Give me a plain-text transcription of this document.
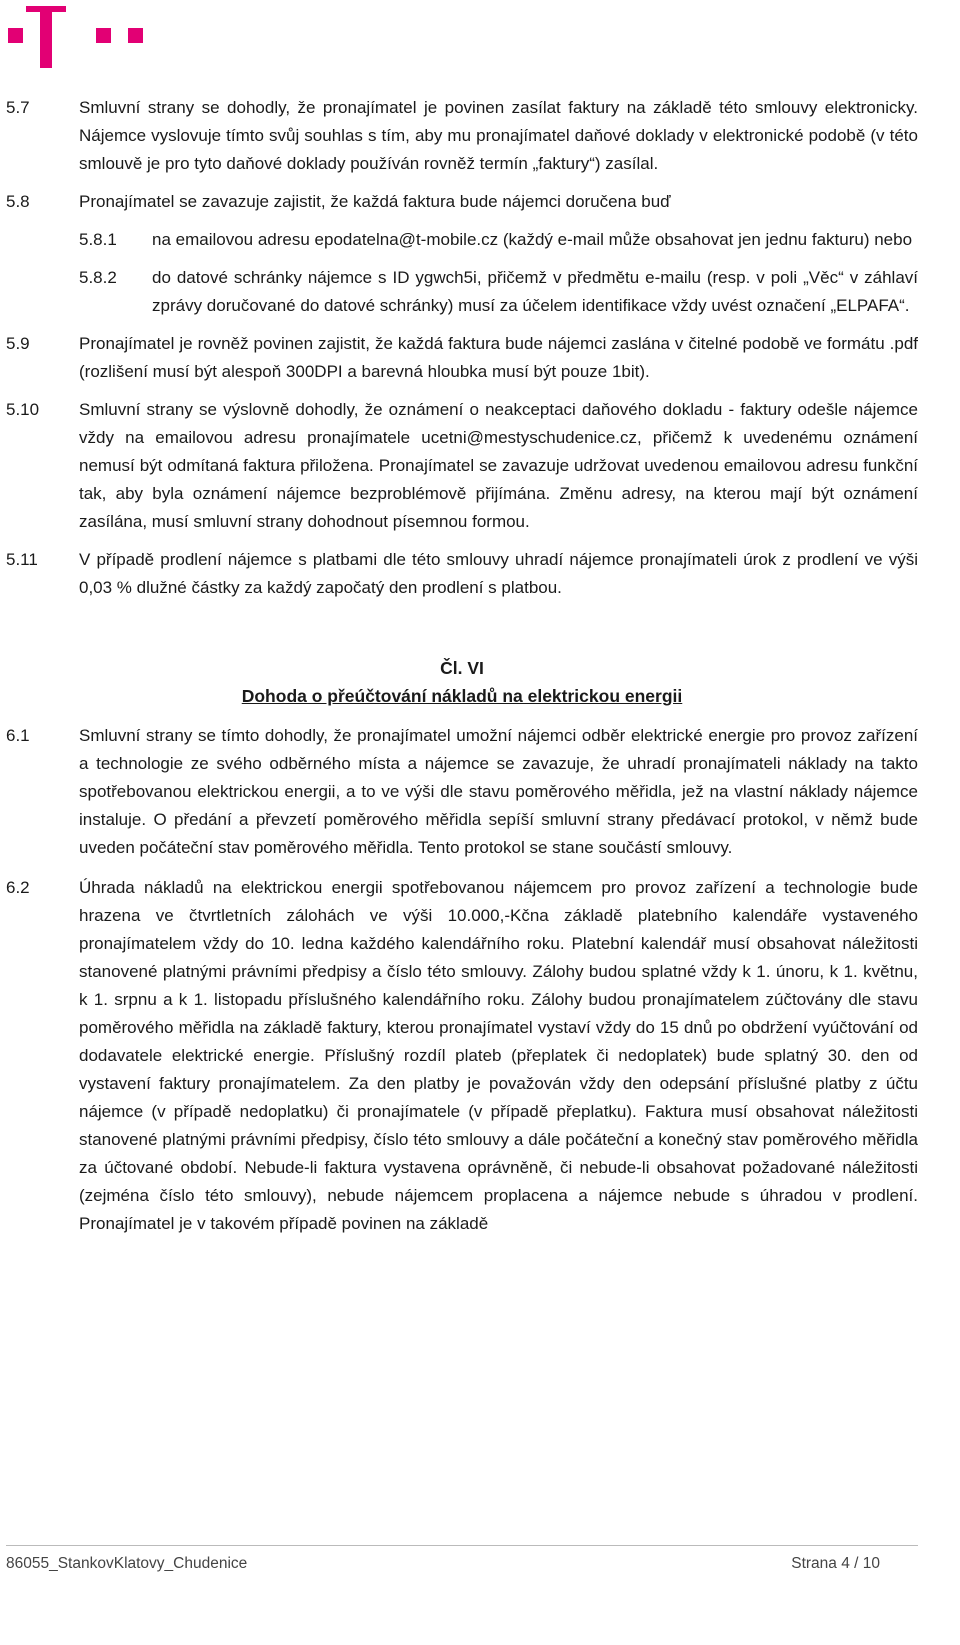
5.7	Smluvní strany se dohodly, že pronajímatel je povinen zasílat faktury na základě této smlouvy elektronicky. Nájemce vyslovuje tímto svůj souhlas s tím, aby mu pronajímatel daňové doklady v elektronické podobě (v této smlouvě je pro tyto daňové doklady používán rovněž termín „faktury“) zasílal.
5.8	Pronajímatel se zavazuje zajistit, že každá faktura bude nájemci doručena buď
5.8.1	na emailovou adresu epodatelna@t-mobile.cz (každý e-mail může obsahovat jen jednu fakturu) nebo
5.8.2	do datové schránky nájemce s ID ygwch5i, přičemž v předmětu e-mailu (resp. v poli „Věc“ v záhlaví zprávy doručované do datové schránky) musí za účelem identifikace vždy uvést označení „ELPAFA“.
5.9	Pronajímatel je rovněž povinen zajistit, že každá faktura bude nájemci zaslána v čitelné podobě ve formátu .pdf (rozlišení musí být alespoň 300DPI a barevná hloubka musí být pouze 1bit).
5.10	Smluvní strany se výslovně dohodly, že oznámení o neakceptaci daňového dokladu - faktury odešle nájemce vždy na emailovou adresu pronajímatele ucetni@mestyschudenice.cz, přičemž k uvedenému oznámení nemusí být odmítaná faktura přiložena. Pronajímatel se zavazuje udržovat uvedenou emailovou adresu funkční tak, aby byla oznámení nájemce bezproblémově přijímána. Změnu adresy, na kterou mají být oznámení zasílána, musí smluvní strany dohodnout písemnou formou.
5.11	V případě prodlení nájemce s platbami dle této smlouvy uhradí nájemce pronajímateli úrok z prodlení ve výši 0,03 % dlužné částky za každý započatý den prodlení s platbou.
Čl. VI
Dohoda o přeúčtování nákladů na elektrickou energii
6.1	Smluvní strany se tímto dohodly, že pronajímatel umožní nájemci odběr elektrické energie pro provoz zařízení a technologie ze svého odběrného místa a nájemce se zavazuje, že uhradí pronajímateli náklady na takto spotřebovanou elektrickou energii, a to ve výši dle stavu poměrového měřidla, jež na vlastní náklady nájemce instaluje. O předání a převzetí poměrového měřidla sepíší smluvní strany předávací protokol, v němž bude uveden počáteční stav poměrového měřidla. Tento protokol se stane součástí smlouvy.
6.2	Úhrada nákladů na elektrickou energii spotřebovanou nájemcem pro provoz zařízení a technologie bude hrazena ve čtvrtletních zálohách ve výši 10.000,-Kčna základě platebního kalendáře vystaveného pronajímatelem vždy do 10. ledna každého kalendářního roku. Platební kalendář musí obsahovat náležitosti stanovené platnými právními předpisy a číslo této smlouvy. Zálohy budou splatné vždy k 1. únoru, k 1. květnu, k 1. srpnu a k 1. listopadu příslušného kalendářního roku. Zálohy budou pronajímatelem zúčtovány dle stavu poměrového měřidla na základě faktury, kterou pronajímatel vystaví vždy do 15 dnů po obdržení vyúčtování od dodavatele elektrické energie. Příslušný rozdíl plateb (přeplatek či nedoplatek) bude splatný 30. den od vystavení faktury pronajímatelem. Za den platby je považován vždy den odepsání příslušné platby z účtu nájemce (v případě nedoplatku) či pronajímatele (v případě přeplatku). Faktura musí obsahovat náležitosti stanovené platnými právními předpisy, číslo této smlouvy a dále počáteční a konečný stav poměrového měřidla za účtované období. Nebude-li faktura vystavena oprávněně, či nebude-li obsahovat požadované náležitosti (zejména číslo této smlouvy), nebude nájemcem proplacena a nájemce nebude s úhradou v prodlení. Pronajímatel je v takovém případě povinen na základě
86055_StankovKlatovy_Chudenice	Strana 4 / 10
